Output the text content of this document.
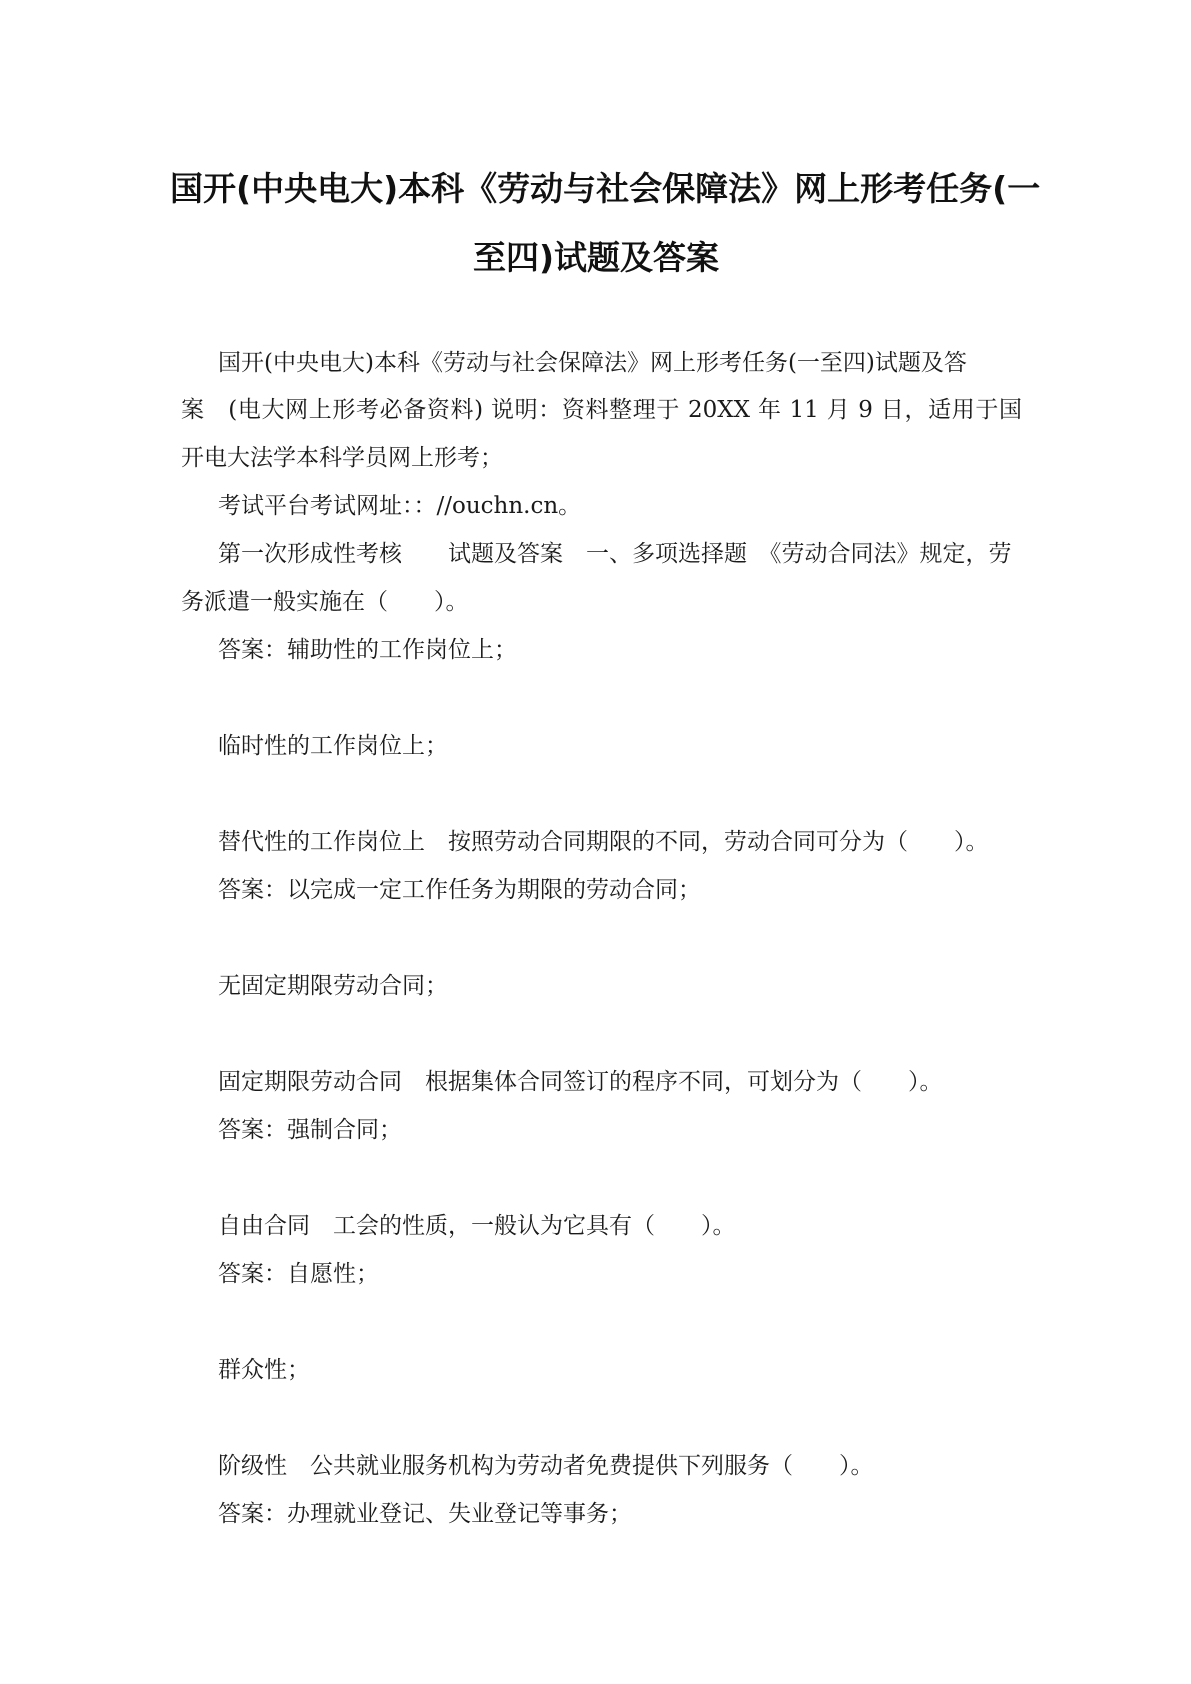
国开(中央电大)本科《劳动与社会保障法》网上形考任务(一
至四)试题及答案
国开(中央电大)本科《劳动与社会保障法》网上形考任务(一至四)试题及答
案　(电大网上形考必备资料) 说明：资料整理于 20XX 年 11 月 9 日，适用于国
开电大法学本科学员网上形考；
考试平台考试网址：：//ouchn.cn。
第一次形成性考核　　试题及答案　一、多项选择题　《劳动合同法》规定，劳
务派遣一般实施在（　　）。
答案：辅助性的工作岗位上；
临时性的工作岗位上；
替代性的工作岗位上　按照劳动合同期限的不同，劳动合同可分为（　　）。
答案：以完成一定工作任务为期限的劳动合同；
无固定期限劳动合同；
固定期限劳动合同　根据集体合同签订的程序不同，可划分为（　　）。
答案：强制合同；
自由合同　工会的性质，一般认为它具有（　　）。
答案：自愿性；
群众性；
阶级性　公共就业服务机构为劳动者免费提供下列服务（　　）。
答案：办理就业登记、失业登记等事务；
